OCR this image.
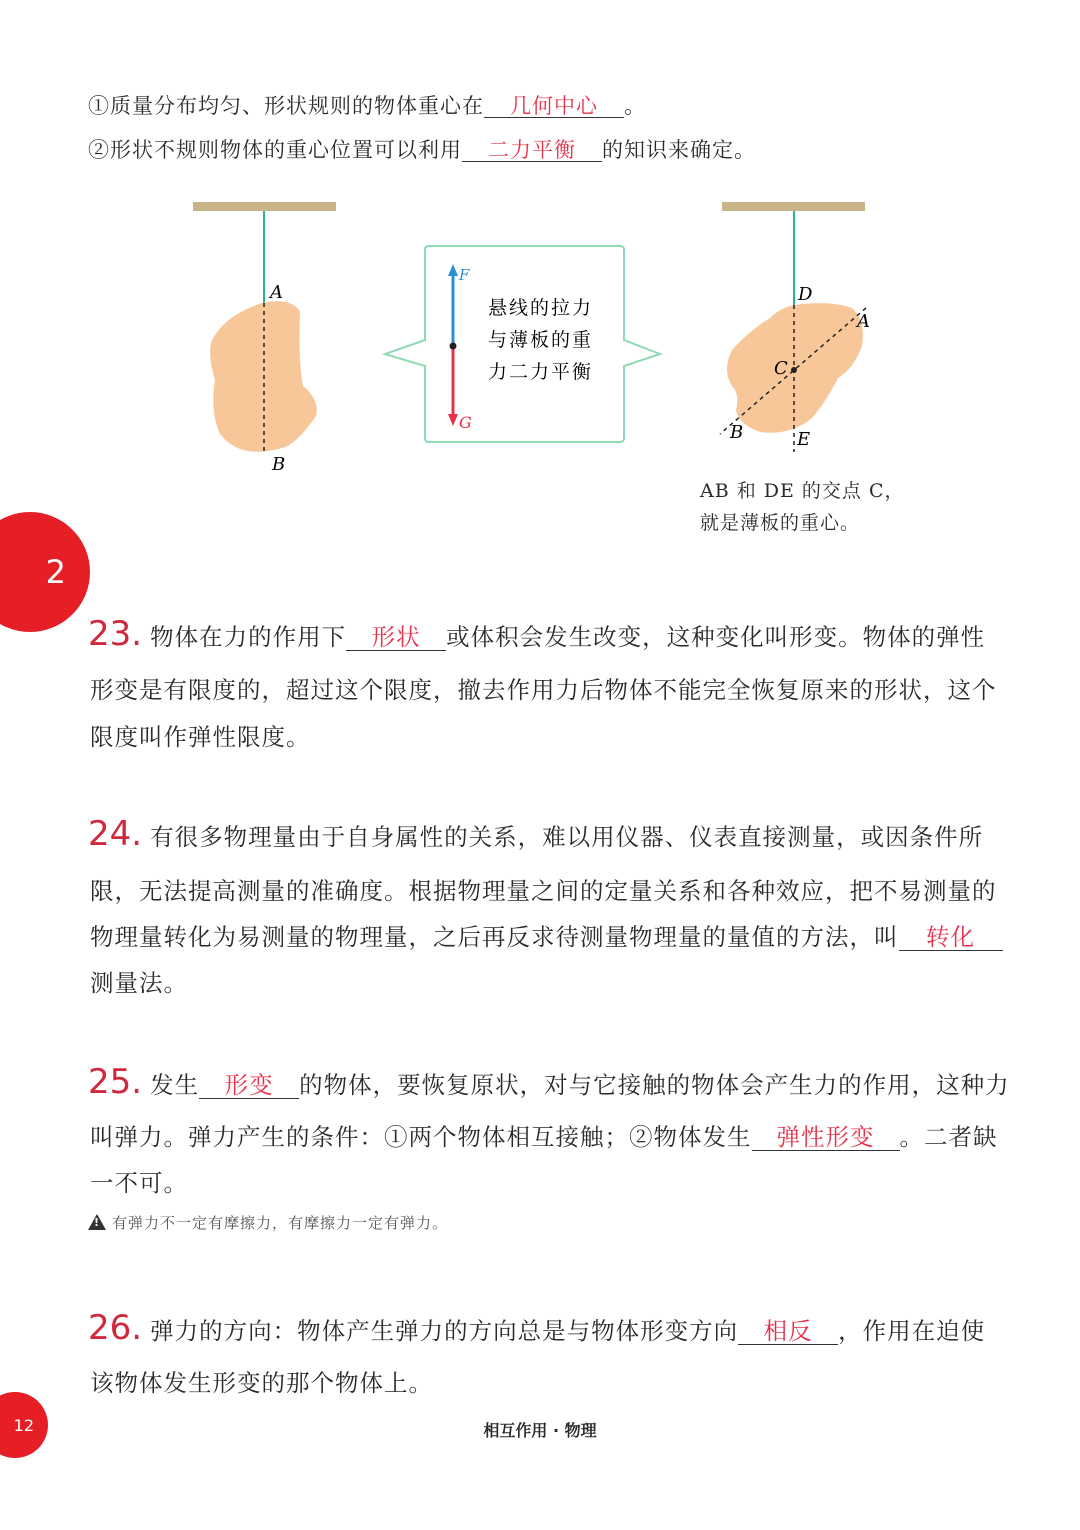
①质量分布均匀、形状规则的物体重心在 几何中心 。
②形状不规则物体的重心位置可以利用 二力平衡 的知识来确定。
A
B
F
G
悬线的拉力
与薄板的重
力二力平衡
D
A
C
B	E
AB 和 DE 的交点 C，
就是薄板的重心。
2
23. 物体在力的作用下 形状 或体积会发生改变，这种变化叫形变。物体的弹性
形变是有限度的，超过这个限度，撤去作用力后物体不能完全恢复原来的形状，这个
限度叫作弹性限度。
24. 有很多物理量由于自身属性的关系，难以用仪器、仪表直接测量，或因条件所
限，无法提高测量的准确度。根据物理量之间的定量关系和各种效应，把不易测量的
物理量转化为易测量的物理量，之后再反求待测量物理量的量值的方法，叫 转化
测量法。
25. 发生 形变 的物体，要恢复原状，对与它接触的物体会产生力的作用，这种力
叫弹力。弹力产生的条件：①两个物体相互接触；②物体发生 弹性形变 。二者缺
一不可。
!有弹力不一定有摩擦力，有摩擦力一定有弹力。
26. 弹力的方向：物体产生弹力的方向总是与物体形变方向 相反 ，作用在迫使
该物体发生形变的那个物体上。
12	相互作用 · 物理
